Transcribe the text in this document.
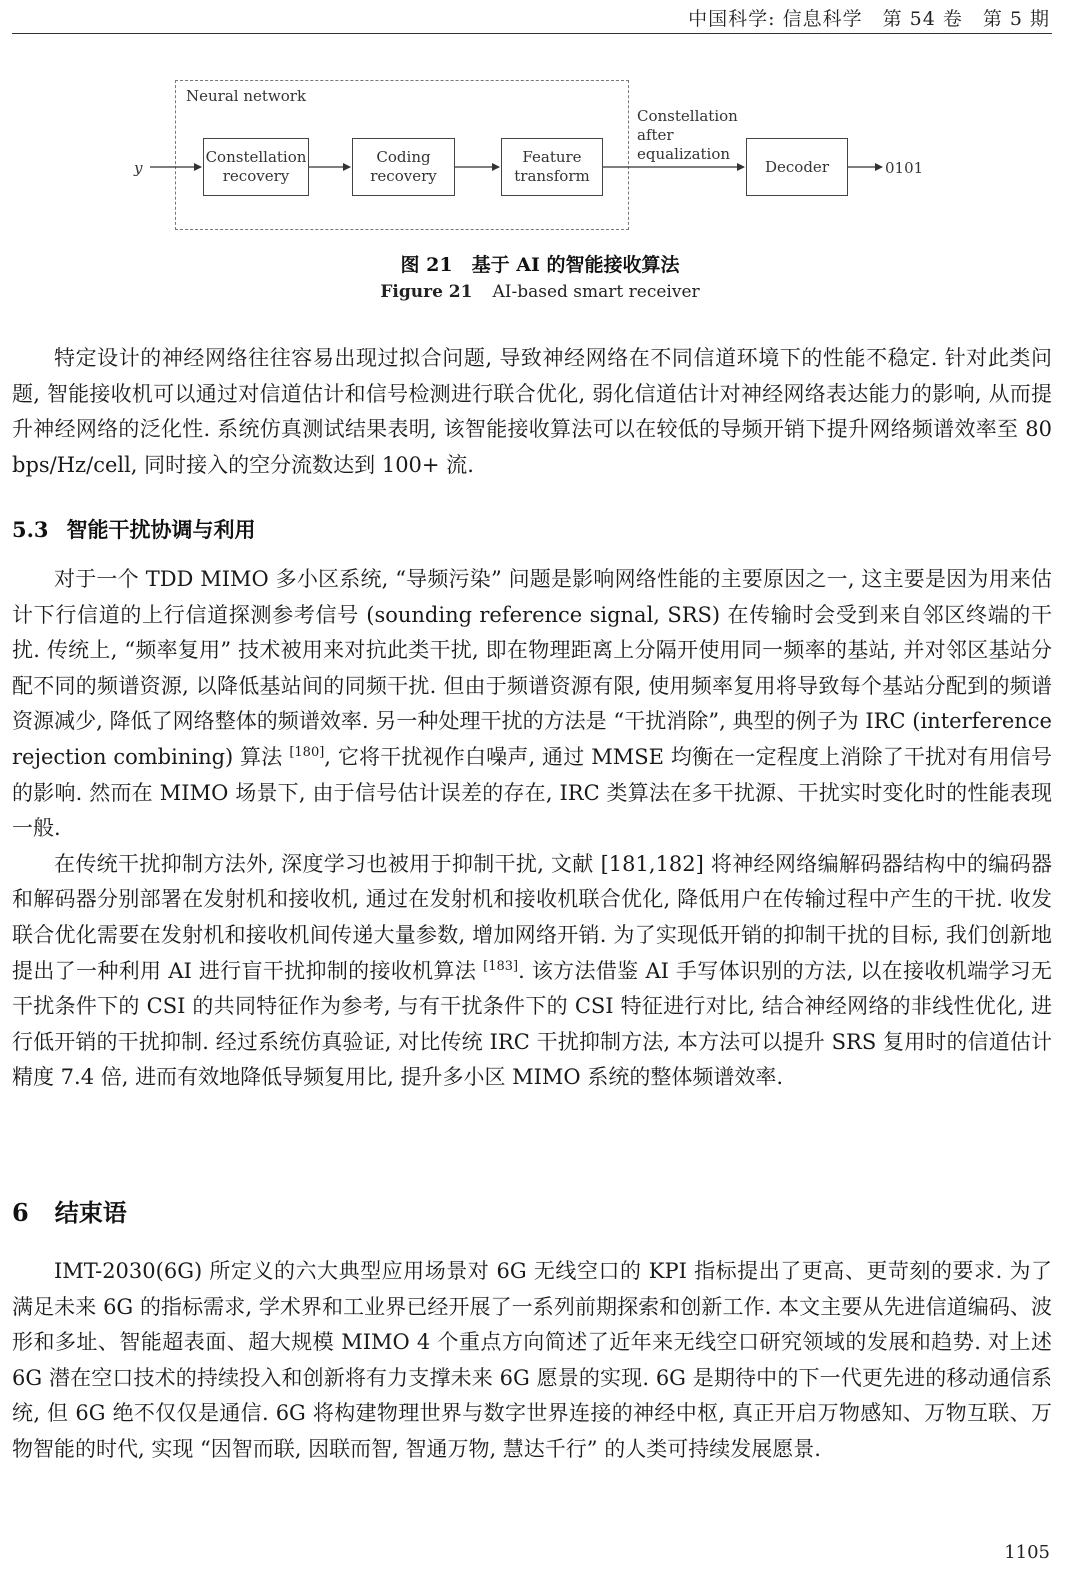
中国科学: 信息科学　第 54 卷　第 5 期
Neural network
y
Constellation
recovery
Coding
recovery
Feature
transform
Constellation
after
equalization
Decoder	0101
图 21　基于 AI 的智能接收算法
Figure 21 AI-based smart receiver

特定设计的神经网络往往容易出现过拟合问题, 导致神经网络在不同信道环境下的性能不稳定. 针对此类问题, 智能接收机可以通过对信道估计和信号检测进行联合优化, 弱化信道估计对神经网络表达能力的影响, 从而提升神经网络的泛化性. 系统仿真测试结果表明, 该智能接收算法可以在较低的导频开销下提升网络频谱效率至 80 bps/Hz/cell, 同时接入的空分流数达到 100+ 流.

5.3 智能干扰协调与利用

对于一个 TDD MIMO 多小区系统, “导频污染” 问题是影响网络性能的主要原因之一, 这主要是因为用来估计下行信道的上行信道探测参考信号 (sounding reference signal, SRS) 在传输时会受到来自邻区终端的干扰. 传统上, “频率复用” 技术被用来对抗此类干扰, 即在物理距离上分隔开使用同一频率的基站, 并对邻区基站分配不同的频谱资源, 以降低基站间的同频干扰. 但由于频谱资源有限, 使用频率复用将导致每个基站分配到的频谱资源减少, 降低了网络整体的频谱效率. 另一种处理干扰的方法是 “干扰消除”, 典型的例子为 IRC (interference rejection combining) 算法 [180], 它将干扰视作白噪声, 通过 MMSE 均衡在一定程度上消除了干扰对有用信号的影响. 然而在 MIMO 场景下, 由于信号估计误差的存在, IRC 类算法在多干扰源、干扰实时变化时的性能表现一般.

在传统干扰抑制方法外, 深度学习也被用于抑制干扰, 文献 [181,182] 将神经网络编解码器结构中的编码器和解码器分别部署在发射机和接收机, 通过在发射机和接收机联合优化, 降低用户在传输过程中产生的干扰. 收发联合优化需要在发射机和接收机间传递大量参数, 增加网络开销. 为了实现低开销的抑制干扰的目标, 我们创新地提出了一种利用 AI 进行盲干扰抑制的接收机算法 [183]. 该方法借鉴 AI 手写体识别的方法, 以在接收机端学习无干扰条件下的 CSI 的共同特征作为参考, 与有干扰条件下的 CSI 特征进行对比, 结合神经网络的非线性优化, 进行低开销的干扰抑制. 经过系统仿真验证, 对比传统 IRC 干扰抑制方法, 本方法可以提升 SRS 复用时的信道估计精度 7.4 倍, 进而有效地降低导频复用比, 提升多小区 MIMO 系统的整体频谱效率.

6 结束语

IMT-2030(6G) 所定义的六大典型应用场景对 6G 无线空口的 KPI 指标提出了更高、更苛刻的要求. 为了满足未来 6G 的指标需求, 学术界和工业界已经开展了一系列前期探索和创新工作. 本文主要从先进信道编码、波形和多址、智能超表面、超大规模 MIMO 4 个重点方向简述了近年来无线空口研究领域的发展和趋势. 对上述 6G 潜在空口技术的持续投入和创新将有力支撑未来 6G 愿景的实现. 6G 是期待中的下一代更先进的移动通信系统, 但 6G 绝不仅仅是通信. 6G 将构建物理世界与数字世界连接的神经中枢, 真正开启万物感知、万物互联、万物智能的时代, 实现 “因智而联, 因联而智, 智通万物, 慧达千行” 的人类可持续发展愿景.

1105
